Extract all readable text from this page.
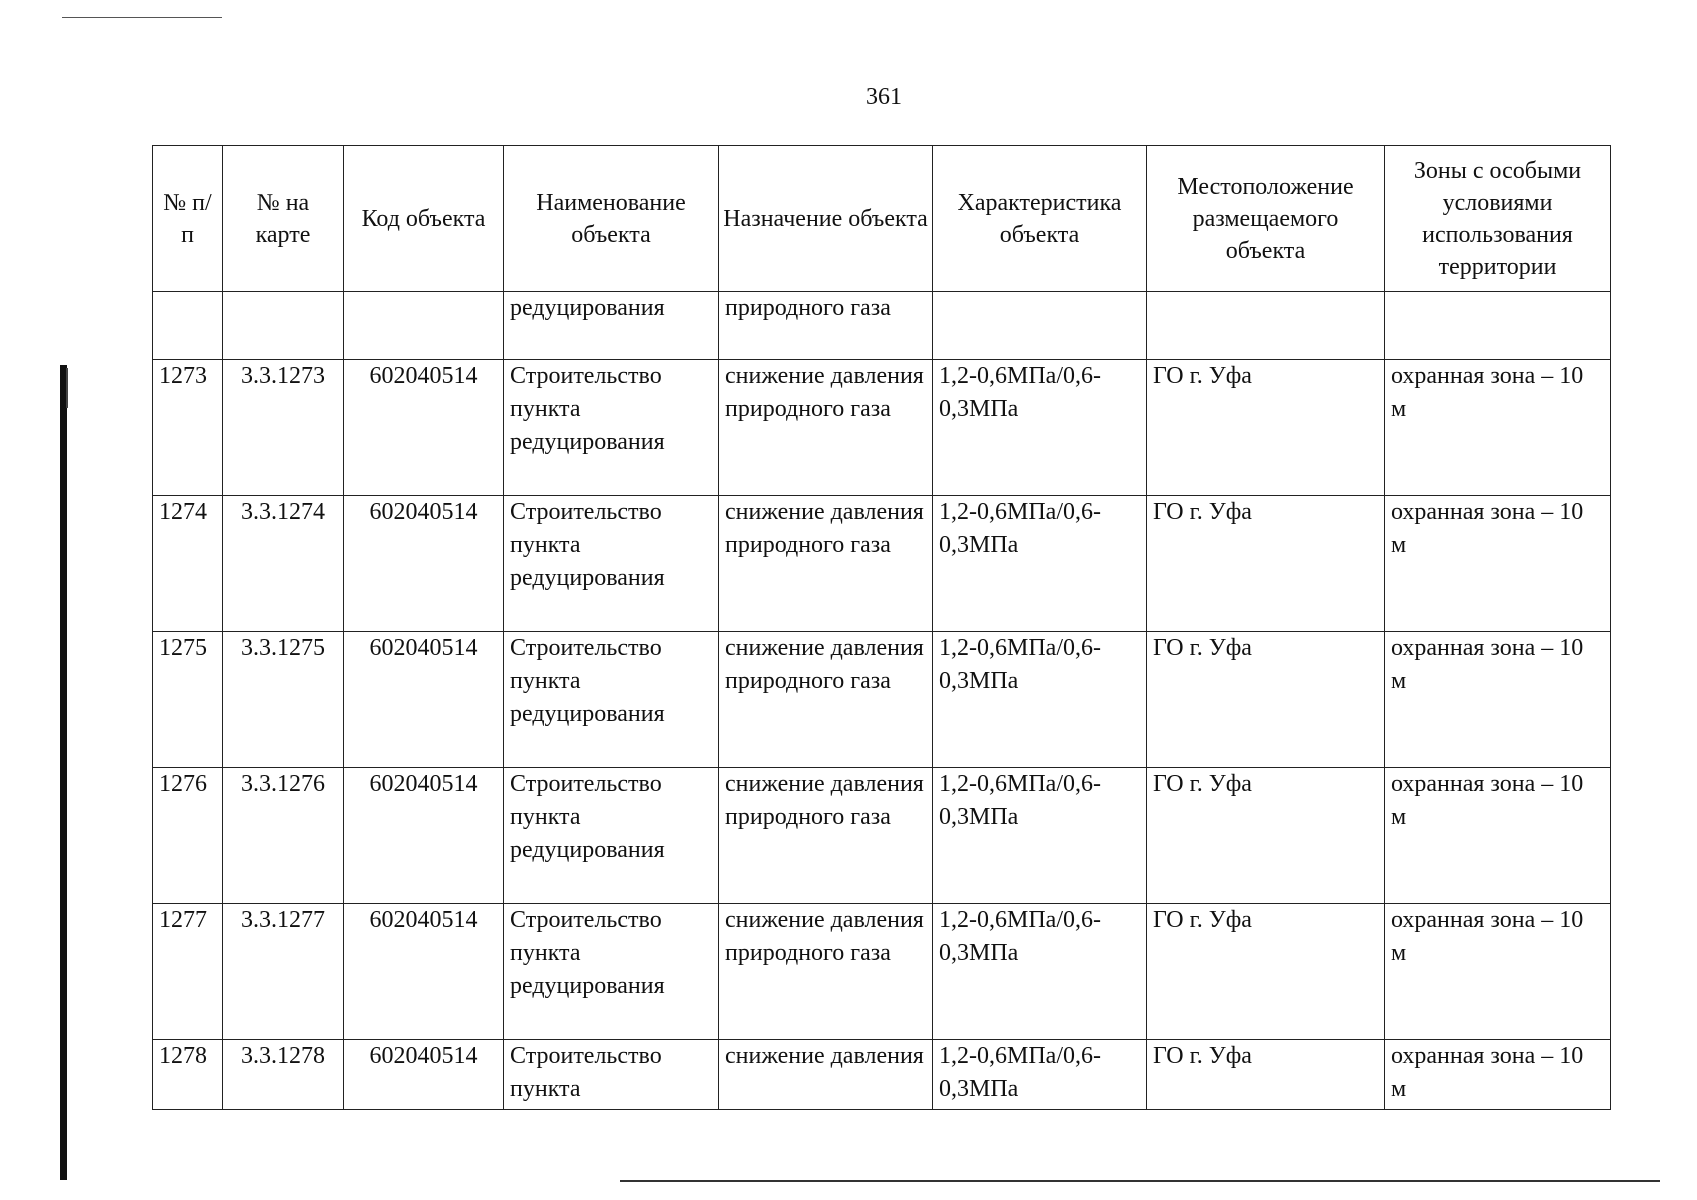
361
№ п/п	№ на карте	Код объекта	Наименование объекта	Назначение объекта	Характеристика объекта	Местоположение размещаемого объекта	Зоны с особыми условиями использования территории
			редуцирования	природного газа			
1273	3.3.1273	602040514	Строительство пункта редуцирования	снижение давления природного газа	1,2-0,6МПа/0,6-0,3МПа	ГО г. Уфа	охранная зона – 10 м
1274	3.3.1274	602040514	Строительство пункта редуцирования	снижение давления природного газа	1,2-0,6МПа/0,6-0,3МПа	ГО г. Уфа	охранная зона – 10 м
1275	3.3.1275	602040514	Строительство пункта редуцирования	снижение давления природного газа	1,2-0,6МПа/0,6-0,3МПа	ГО г. Уфа	охранная зона – 10 м
1276	3.3.1276	602040514	Строительство пункта редуцирования	снижение давления природного газа	1,2-0,6МПа/0,6-0,3МПа	ГО г. Уфа	охранная зона – 10 м
1277	3.3.1277	602040514	Строительство пункта редуцирования	снижение давления природного газа	1,2-0,6МПа/0,6-0,3МПа	ГО г. Уфа	охранная зона – 10 м
1278	3.3.1278	602040514	Строительство пункта	снижение давления	1,2-0,6МПа/0,6-0,3МПа	ГО г. Уфа	охранная зона – 10 м
